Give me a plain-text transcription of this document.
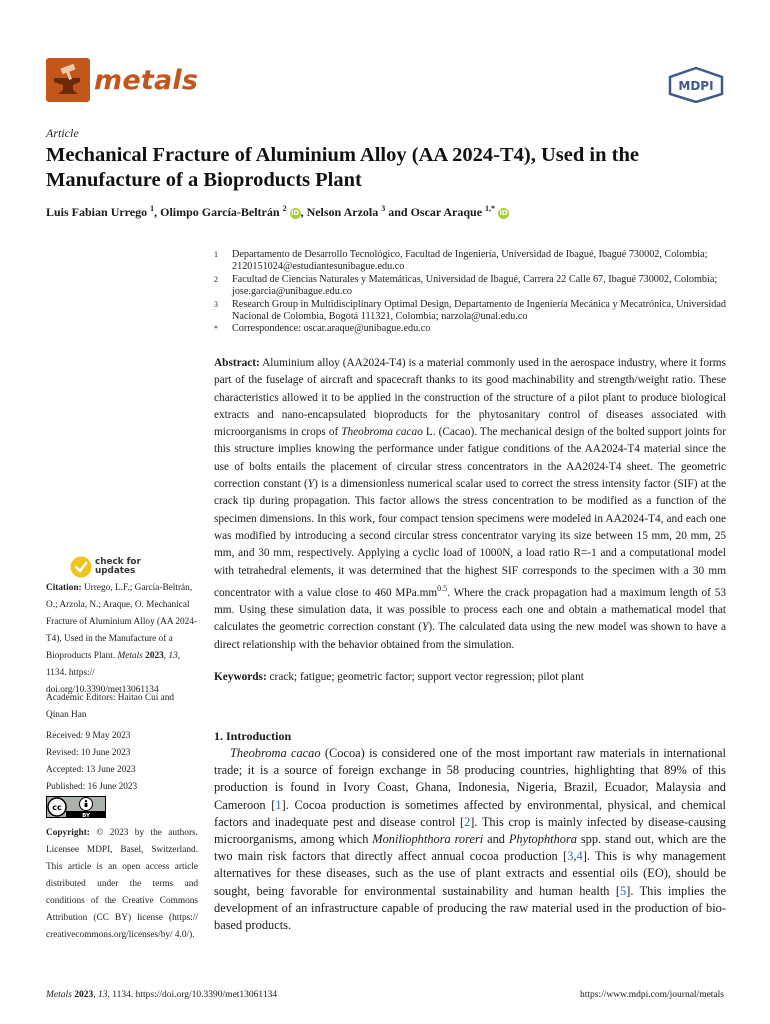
metals	MDPI
Article
Mechanical Fracture of Aluminium Alloy (AA 2024-T4), Used in the Manufacture of a Bioproducts Plant
Luis Fabian Urrego $^1$, Olimpo García-Beltrán $^2$ iD, Nelson Arzola $^3$ and Oscar Araque $^{1,*}$ iD
1	Departamento de Desarrollo Tecnológico, Facultad de Ingeniería, Universidad de Ibagué, Ibagué 730002, Colombia; 2120151024@estudiantesunibague.edu.co
2	Facultad de Ciencias Naturales y Matemáticas, Universidad de Ibagué, Carrera 22 Calle 67, Ibagué 730002, Colombia; jose.garcia@unibague.edu.co
3	Research Group in Multidisciplinary Optimal Design, Departamento de Ingeniería Mecánica y Mecatrónica, Universidad Nacional de Colombia, Bogotá 111321, Colombia; narzola@unal.edu.co
*	Correspondence: oscar.araque@unibague.edu.co

Abstract: Aluminium alloy (AA2024-T4) is a material commonly used in the aerospace industry, where it forms part of the fuselage of aircraft and spacecraft thanks to its good machinability and strength/weight ratio. These characteristics allowed it to be applied in the construction of the structure of a pilot plant to produce biological extracts and nano-encapsulated bioproducts for the phytosanitary control of diseases associated with microorganisms in crops of Theobroma cacao L. (Cacao). The mechanical design of the bolted support joints for this structure implies knowing the performance under fatigue conditions of the AA2024-T4 material since the use of bolts entails the placement of circular stress concentrators in the AA2024-T4 sheet. The geometric correction constant (Y) is a dimensionless numerical scalar used to correct the stress intensity factor (SIF) at the crack tip during propagation. This factor allows the stress concentration to be modified as a function of the specimen dimensions. In this work, four compact tension specimens were modeled in AA2024-T4, and each one was modified by introducing a second circular stress concentrator varying its size between 15 mm, 20 mm, 25 mm, and 30 mm, respectively. Applying a cyclic load of 1000N, a load ratio R=-1 and a computational model with tetrahedral elements, it was determined that the highest SIF corresponds to the specimen with a 30 mm concentrator with a value close to 460 $MPa.mm^{0.5}$. Where the crack propagation had a maximum length of 53 mm. Using these simulation data, it was possible to process each one and obtain a mathematical model that calculates the geometric correction constant (Y). The calculated data using the new model was shown to have a direct relationship with the behavior obtained from the simulation.

Keywords: crack; fatigue; geometric factor; support vector regression; pilot plant
check for
updates
Citation: Urrego, L.F.; García-Beltrán, O.; Arzola, N.; Araque, O. Mechanical Fracture of Aluminium Alloy (AA 2024-T4), Used in the Manufacture of a Bioproducts Plant. Metals 2023, 13, 1134. https:// doi.org/10.3390/met13061134
Academic Editors: Haitao Cui and Qinan Han
Received: 9 May 2023
Revised: 10 June 2023
Accepted: 13 June 2023
Published: 16 June 2023
cc
BY
Copyright: © 2023 by the authors. Licensee MDPI, Basel, Switzerland. This article is an open access article distributed under the terms and conditions of the Creative Commons Attribution (CC BY) license (https:// creativecommons.org/licenses/by/ 4.0/).
1. Introduction

Theobroma cacao (Cocoa) is considered one of the most important raw materials in international trade; it is a source of foreign exchange in 58 producing countries, highlighting that 89% of this production is found in Ivory Coast, Ghana, Indonesia, Nigeria, Brazil, Ecuador, Malaysia and Cameroon [1]. Cocoa production is sometimes affected by environmental, physical, and chemical factors and inadequate pest and disease control [2]. This crop is mainly infected by disease-causing microorganisms, among which Moniliophthora roreri and Phytophthora spp. stand out, which are the two main risk factors that directly affect annual cocoa production [3,4]. This is why management alternatives for these diseases, such as the use of plant extracts and essential oils (EO), should be sought, being favorable for environmental sustainability and human health [5]. This implies the development of an infrastructure capable of producing the raw material used in the production of bio-based products.

Metals 2023, 13, 1134. https://doi.org/10.3390/met13061134	https://www.mdpi.com/journal/metals
